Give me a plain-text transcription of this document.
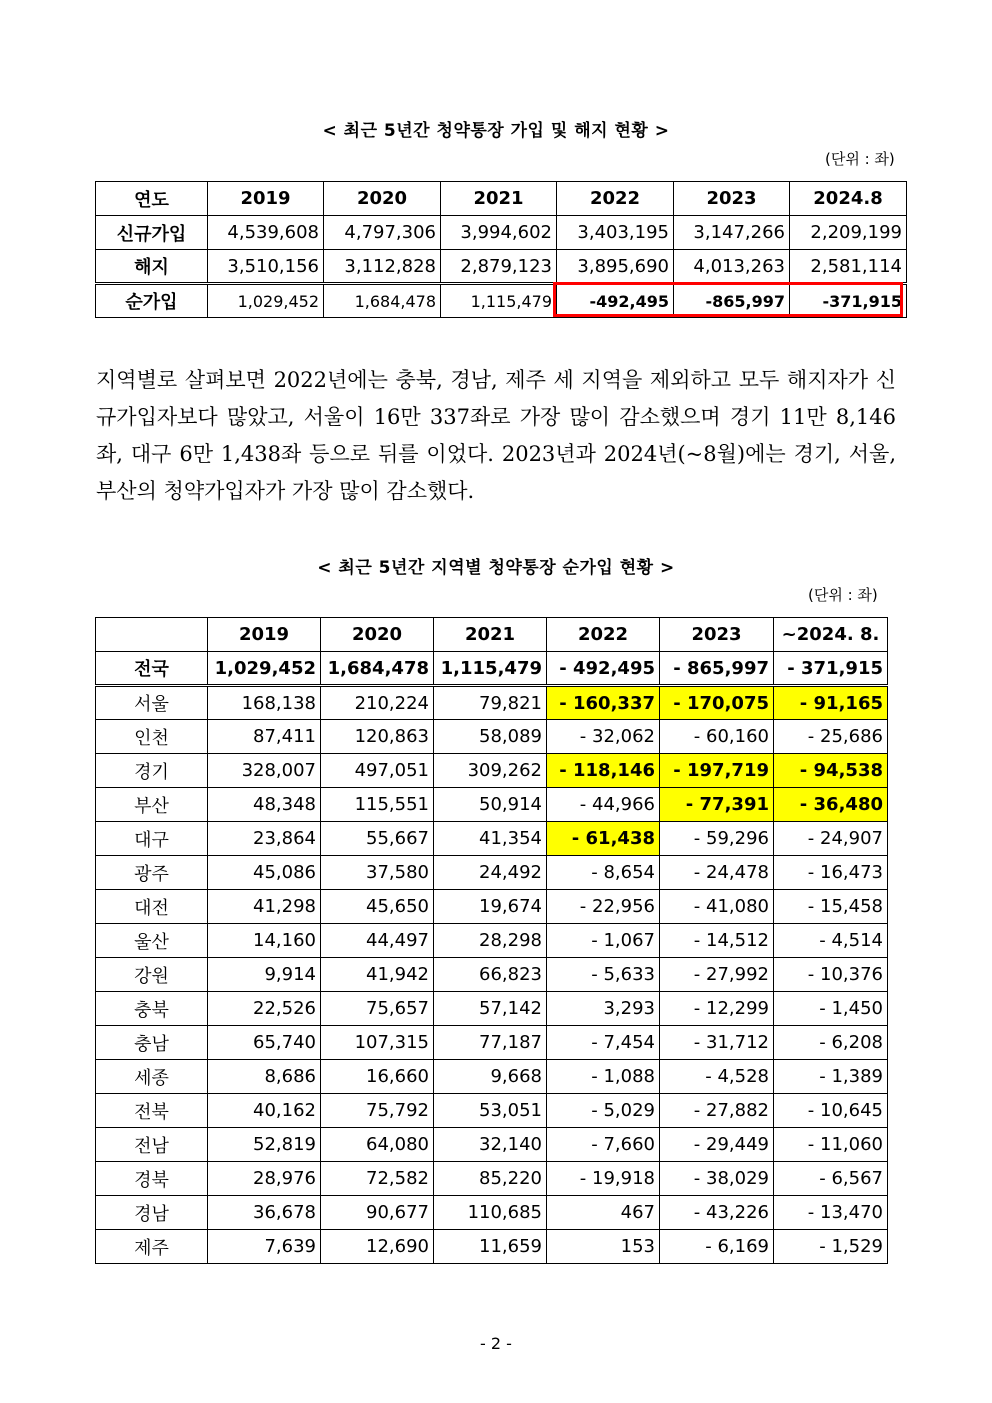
< 최근 5년간 청약통장 가입 및 해지 현황 >
(단위 : 좌)
연도	2019	2020	2021	2022	2023	2024.8
신규가입	4,539,608	4,797,306	3,994,602	3,403,195	3,147,266	2,209,199
해지	3,510,156	3,112,828	2,879,123	3,895,690	4,013,263	2,581,114
순가입	1,029,452	1,684,478	1,115,479	-492,495	-865,997	-371,915
지역별로 살펴보면 2022년에는 충북, 경남, 제주 세 지역을 제외하고 모두 해지자가 신규가입자보다 많았고, 서울이 16만 337좌로 가장 많이 감소했으며 경기 11만 8,146좌, 대구 6만 1,438좌 등으로 뒤를 이었다. 2023년과 2024년(~8월)에는 경기, 서울, 부산의 청약가입자가 가장 많이 감소했다.
< 최근 5년간 지역별 청약통장 순가입 현황 >
(단위 : 좌)
	2019	2020	2021	2022	2023	~2024. 8.
전국	1,029,452	1,684,478	1,115,479	- 492,495	- 865,997	- 371,915
서울	168,138	210,224	79,821	- 160,337	- 170,075	- 91,165
인천	87,411	120,863	58,089	- 32,062	- 60,160	- 25,686
경기	328,007	497,051	309,262	- 118,146	- 197,719	- 94,538
부산	48,348	115,551	50,914	- 44,966	- 77,391	- 36,480
대구	23,864	55,667	41,354	- 61,438	- 59,296	- 24,907
광주	45,086	37,580	24,492	- 8,654	- 24,478	- 16,473
대전	41,298	45,650	19,674	- 22,956	- 41,080	- 15,458
울산	14,160	44,497	28,298	- 1,067	- 14,512	- 4,514
강원	9,914	41,942	66,823	- 5,633	- 27,992	- 10,376
충북	22,526	75,657	57,142	3,293	- 12,299	- 1,450
충남	65,740	107,315	77,187	- 7,454	- 31,712	- 6,208
세종	8,686	16,660	9,668	- 1,088	- 4,528	- 1,389
전북	40,162	75,792	53,051	- 5,029	- 27,882	- 10,645
전남	52,819	64,080	32,140	- 7,660	- 29,449	- 11,060
경북	28,976	72,582	85,220	- 19,918	- 38,029	- 6,567
경남	36,678	90,677	110,685	467	- 43,226	- 13,470
제주	7,639	12,690	11,659	153	- 6,169	- 1,529
- 2 -
